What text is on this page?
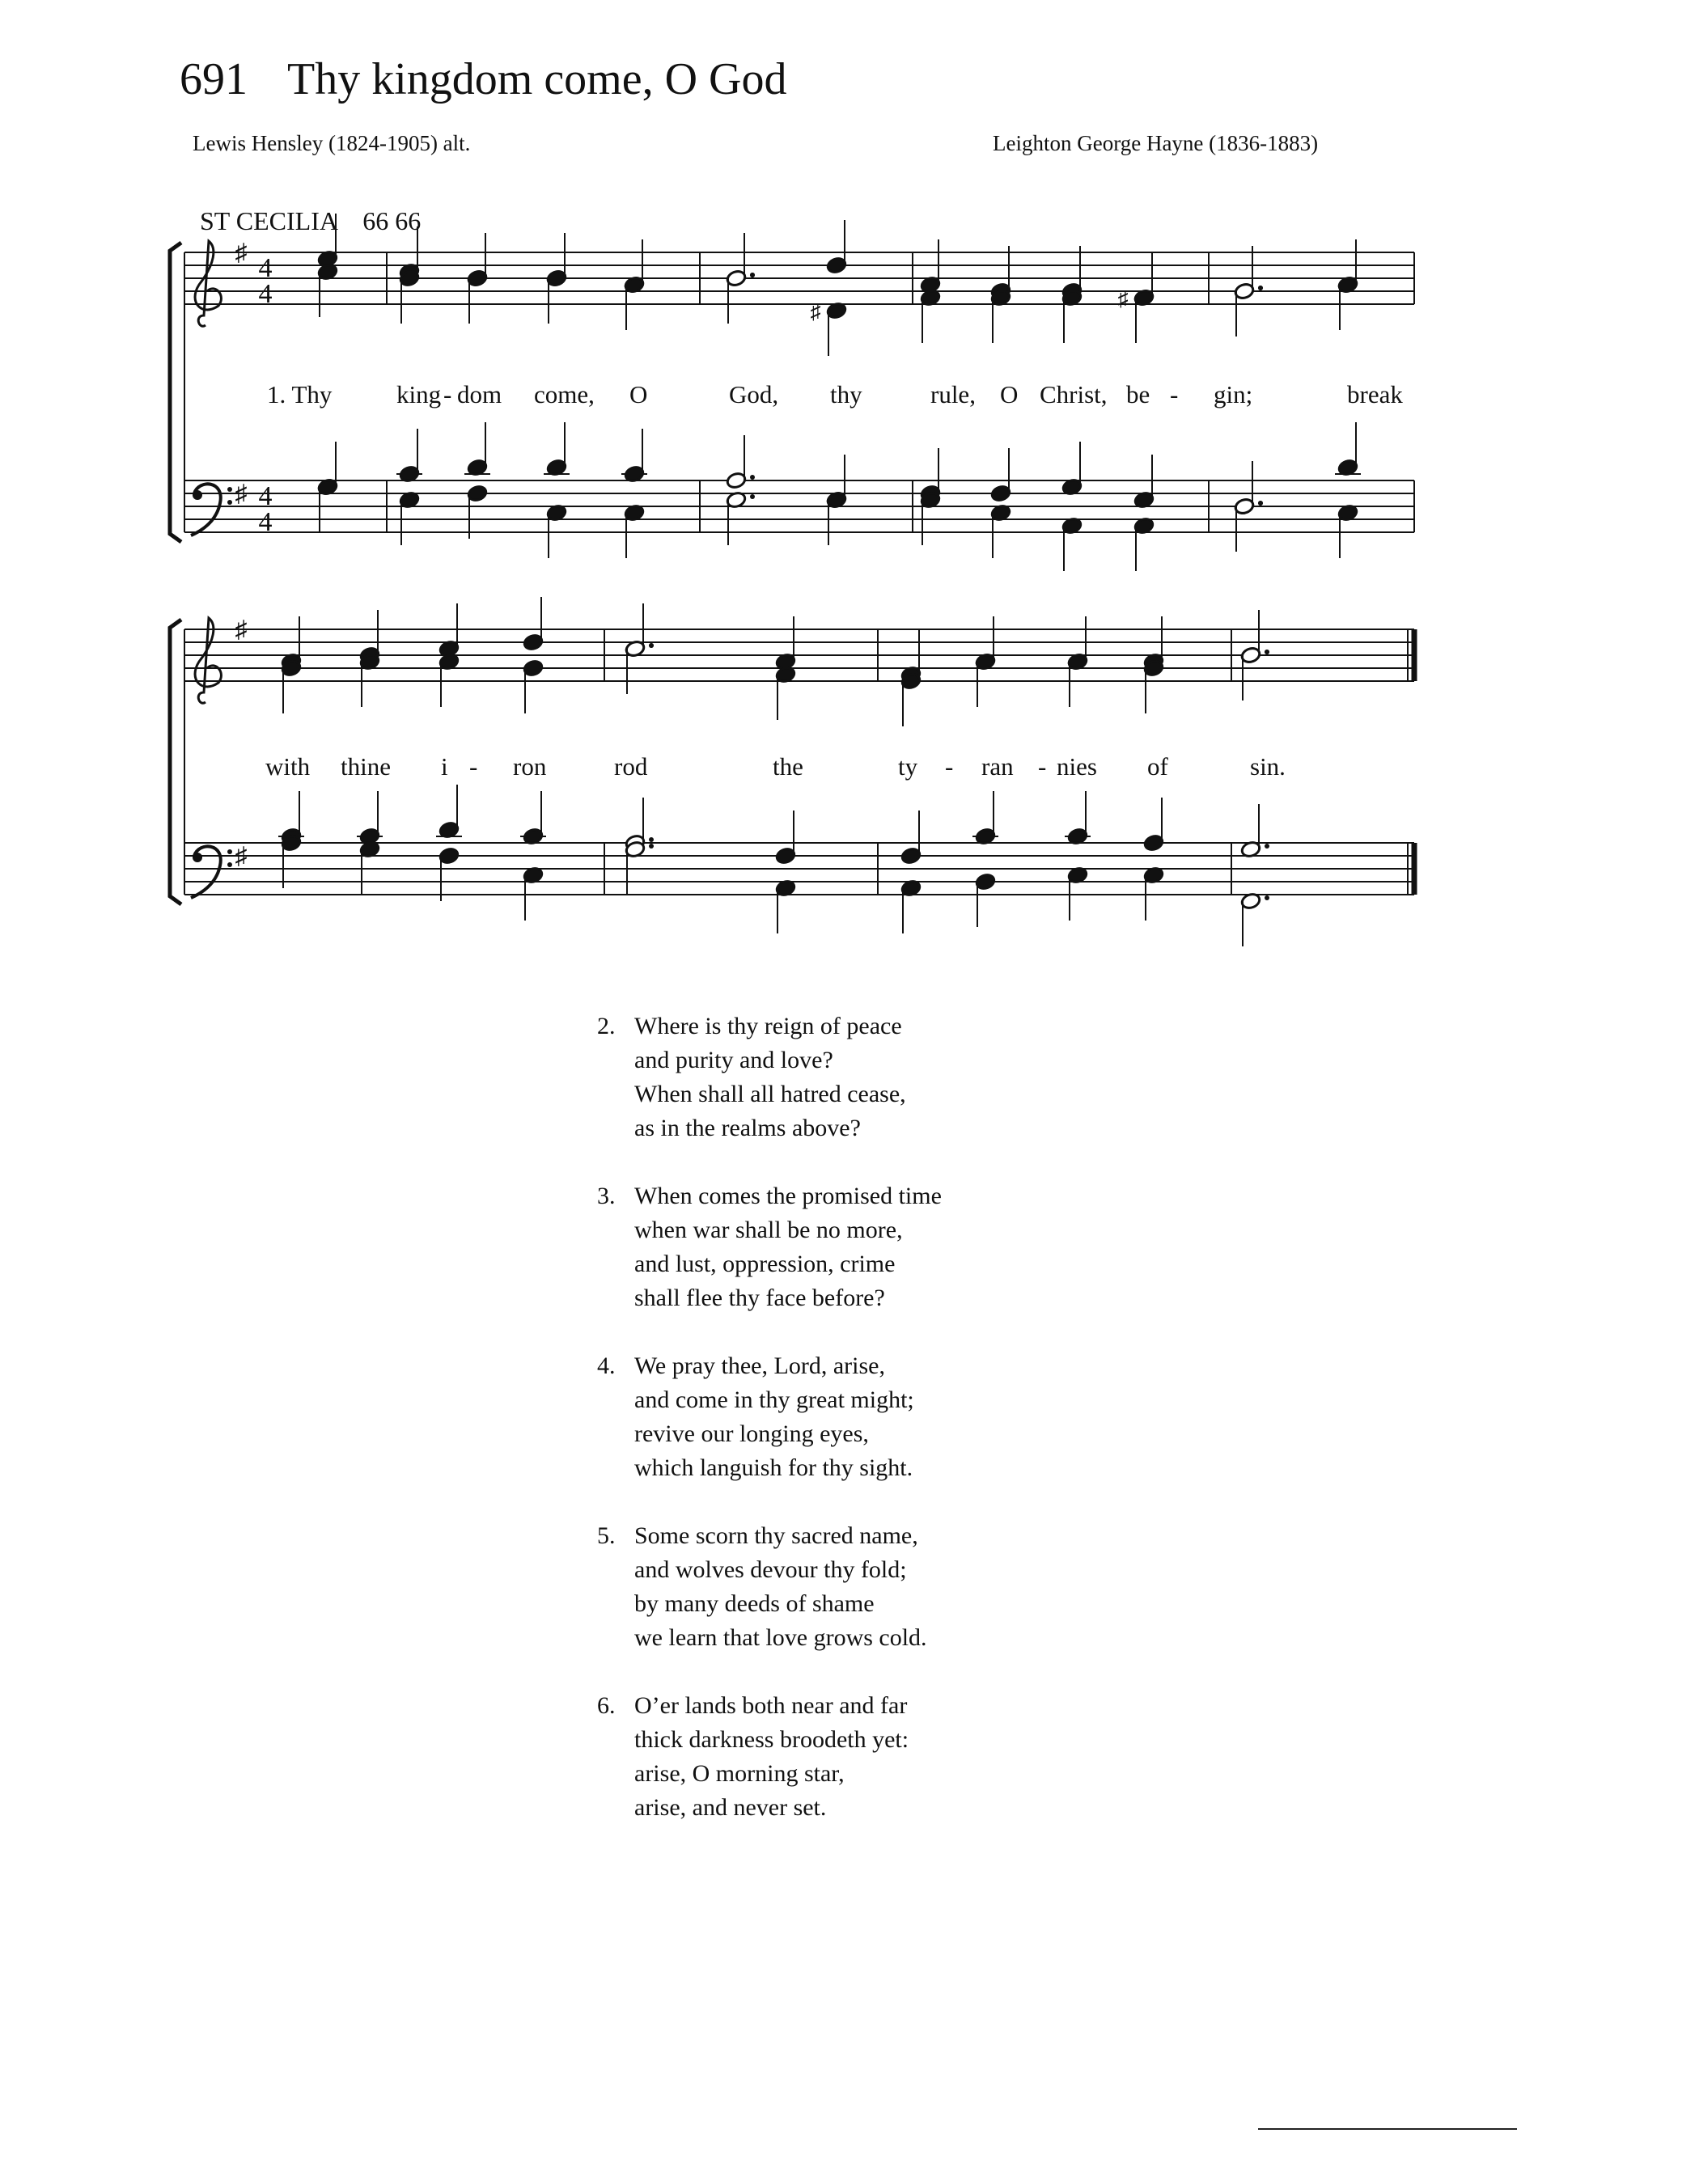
691 Thy kingdom come, O God
Lewis Hensley (1824-1905) alt.	Leighton George Hayne (1836-1883)
ST CECILIA 66 66
♯
♯
4
4
4
4
♯
♯
♯
♯
1. Thy	king - dom come, O	God, thy	rule, O Christ, be - gin;	break
with thine i - ron	rod	the	ty - ran - nies of	sin.
2. Where is thy reign of peace
and purity and love?
When shall all hatred cease,
as in the realms above?
3. When comes the promised time
when war shall be no more,
and lust, oppression, crime
shall flee thy face before?
4. We pray thee, Lord, arise,
and come in thy great might;
revive our longing eyes,
which languish for thy sight.
5. Some scorn thy sacred name,
and wolves devour thy fold;
by many deeds of shame
we learn that love grows cold.
6. O’er lands both near and far
thick darkness broodeth yet:
arise, O morning star,
arise, and never set.
